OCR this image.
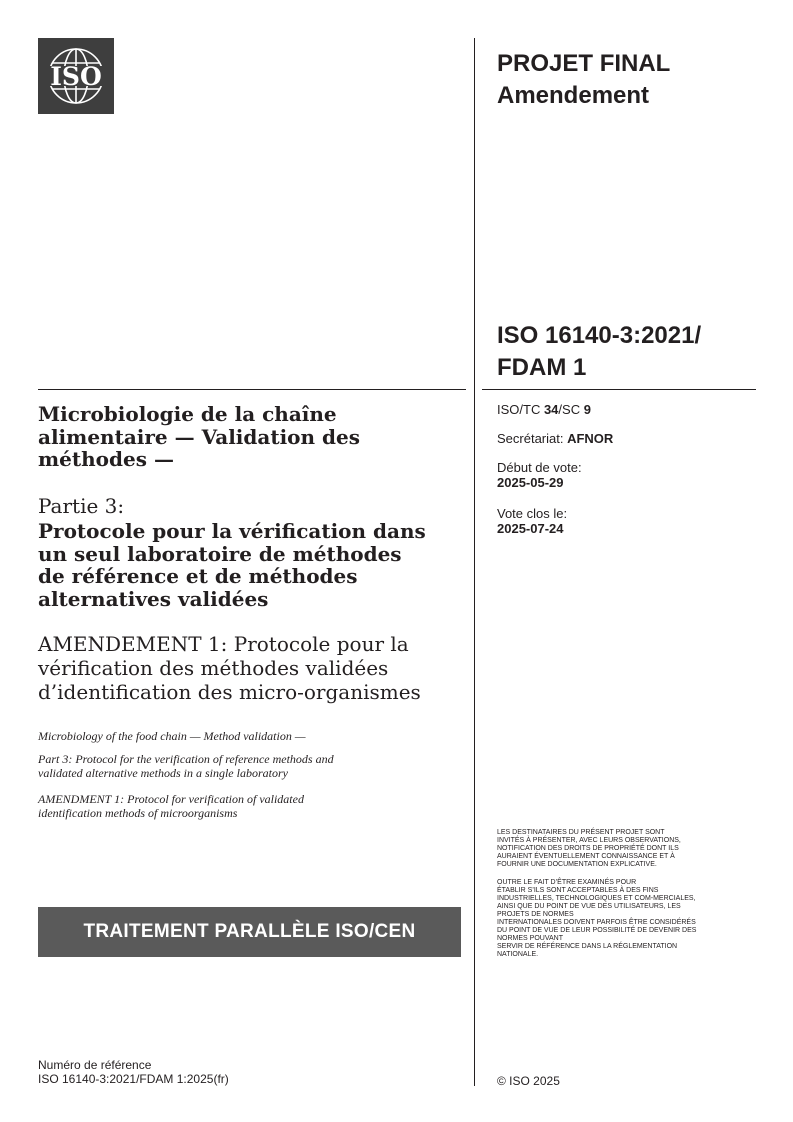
ISO	PROJET FINAL
Amendement
ISO 16140-3:2021/
FDAM 1
ISO/TC 34/SC 9
Secrétariat: AFNOR
Début de vote:
2025-05-29
Vote clos le:
2025-07-24
Microbiologie de la chaîne
alimentaire — Validation des
méthodes —
Partie 3:
Protocole pour la vérification dans
un seul laboratoire de méthodes
de référence et de méthodes
alternatives validées
AMENDEMENT 1: Protocole pour la
vérification des méthodes validées
d’identification des micro-organismes
Microbiology of the food chain — Method validation —
Part 3: Protocol for the verification of reference methods and
validated alternative methods in a single laboratory
AMENDMENT 1: Protocol for verification of validated
identification methods of microorganisms
TRAITEMENT PARALLÈLE ISO/CEN
LES DESTINATAIRES DU PRÉSENT PROJET SONT
INVITÉS À PRÉSENTER, AVEC LEURS OBSERVATIONS,
NOTIFICATION DES DROITS DE PROPRIÉTÉ DONT ILS
AURAIENT ÉVENTUELLEMENT CONNAISSANCE ET À
FOURNIR UNE DOCUMENTATION EXPLICATIVE.
OUTRE LE FAIT D’ÊTRE EXAMINÉS POUR
ÉTABLIR S’ILS SONT ACCEPTABLES À DES FINS
INDUSTRIELLES, TECHNOLOGIQUES ET COM-MERCIALES,
AINSI QUE DU POINT DE VUE DES UTILISATEURS, LES
PROJETS DE NORMES
INTERNATIONALES DOIVENT PARFOIS ÊTRE CONSIDÉRÉS
DU POINT DE VUE DE LEUR POSSIBILITÉ DE DEVENIR DES
NORMES POUVANT
SERVIR DE RÉFÉRENCE DANS LA RÉGLEMENTATION
NATIONALE.
Numéro de référence
ISO 16140-3:2021/FDAM 1:2025(fr)	© ISO 2025
